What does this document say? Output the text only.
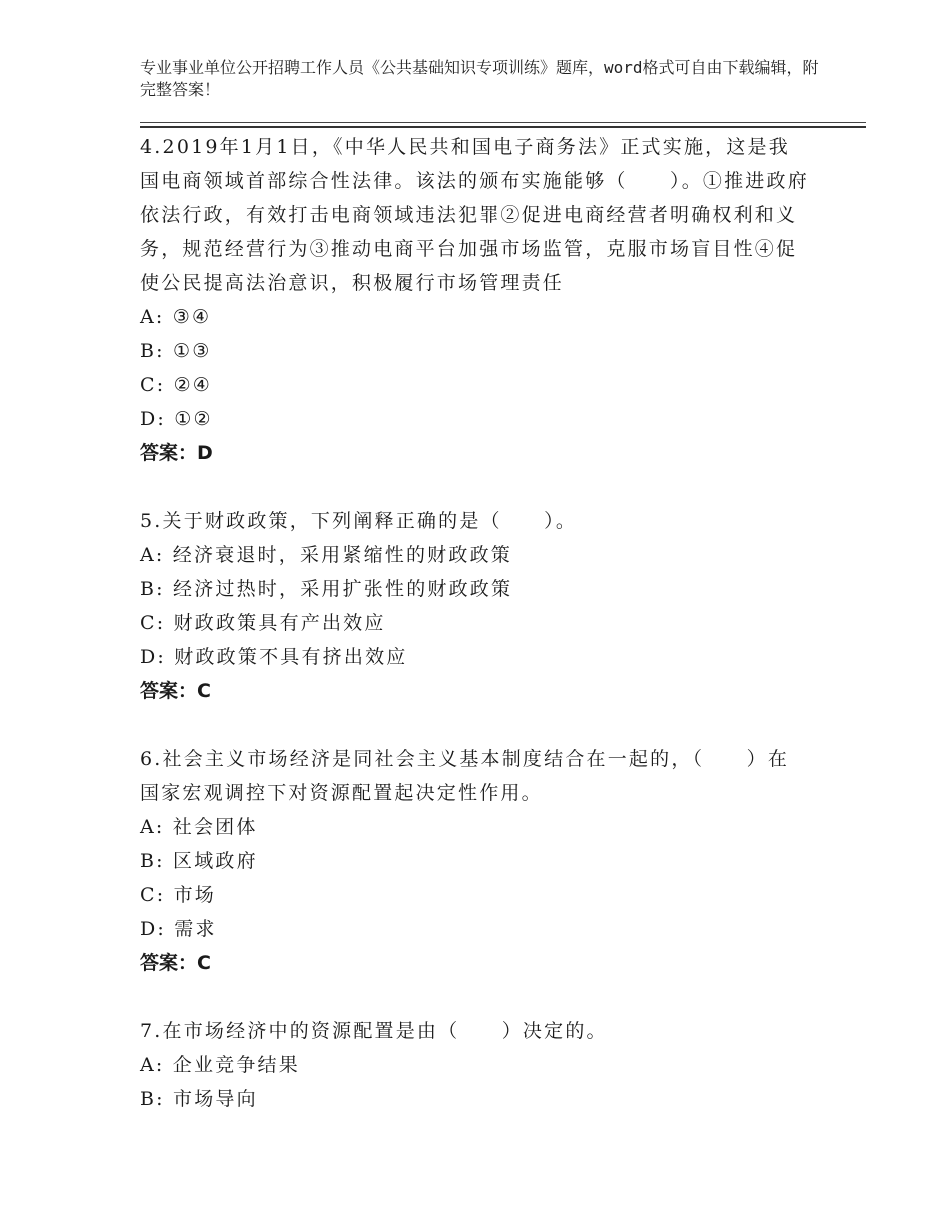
专业事业单位公开招聘工作人员《公共基础知识专项训练》题库，word格式可自由下载编辑，附完整答案！

4.2019年1月1日，《中华人民共和国电子商务法》正式实施，这是我国电商领域首部综合性法律。该法的颁布实施能够（　　）。①推进政府依法行政，有效打击电商领域违法犯罪②促进电商经营者明确权利和义务，规范经营行为③推动电商平台加强市场监管，克服市场盲目性④促使公民提高法治意识，积极履行市场管理责任

A: ③④

B: ①③

C: ②④

D: ①②

答案：D

5.关于财政政策，下列阐释正确的是（　　）。

A: 经济衰退时，采用紧缩性的财政政策

B: 经济过热时，采用扩张性的财政政策

C: 财政政策具有产出效应

D: 财政政策不具有挤出效应

答案：C

6.社会主义市场经济是同社会主义基本制度结合在一起的，（　　）在国家宏观调控下对资源配置起决定性作用。

A: 社会团体

B: 区域政府

C: 市场

D: 需求

答案：C

7.在市场经济中的资源配置是由（　　）决定的。

A: 企业竞争结果

B: 市场导向
